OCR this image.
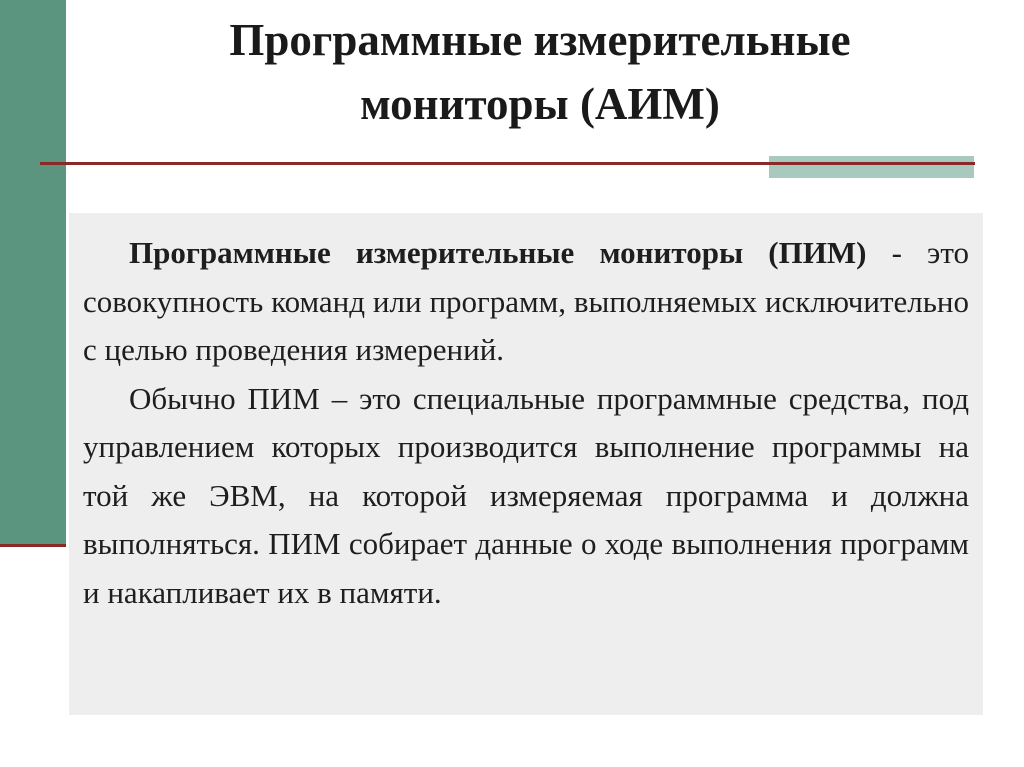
Программные измерительные
мониторы (АИМ)

Программные измерительные мониторы (ПИМ) - это совокупность команд или программ, выполняемых исключительно с целью проведения измерений.

Обычно ПИМ – это специальные программные средства, под управлением которых производится выполнение программы на той же ЭВМ, на которой измеряемая программа и должна выполняться. ПИМ собирает данные о ходе выполнения программ и накапливает их в памяти.
